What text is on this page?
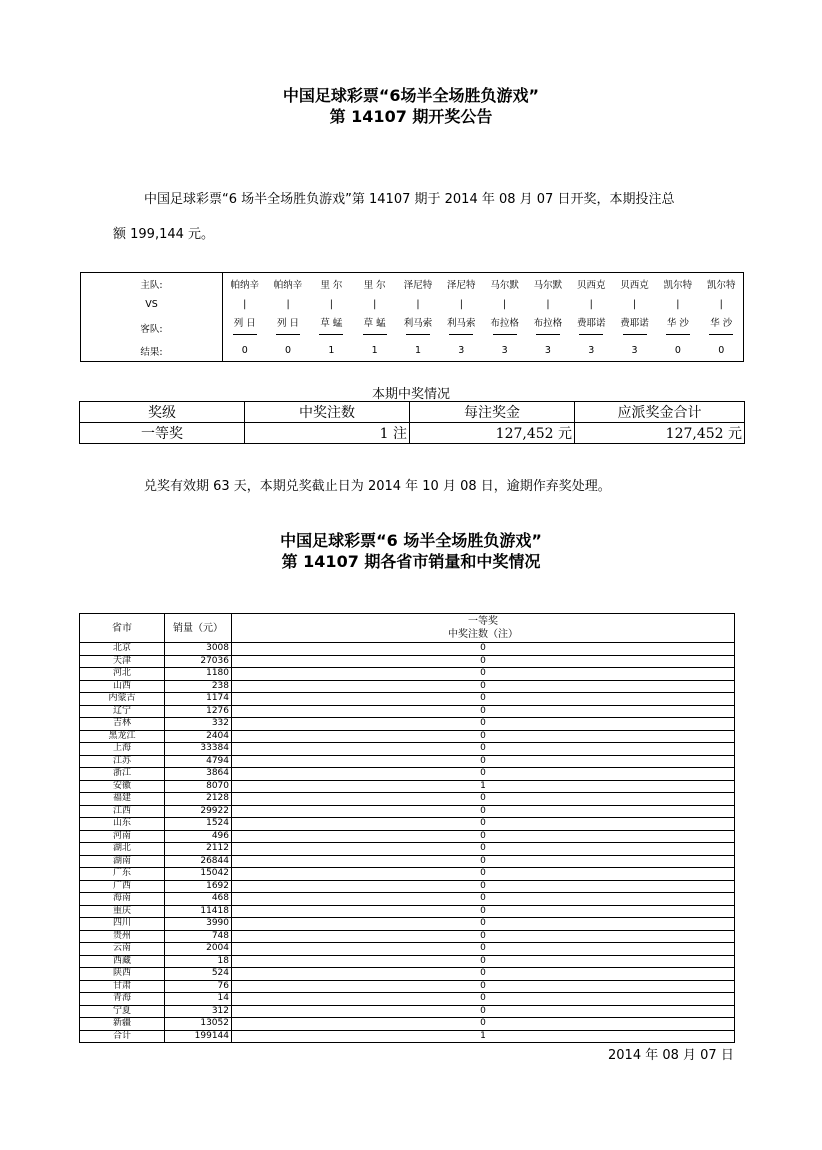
中国足球彩票“6场半全场胜负游戏”
第 14107 期开奖公告
中国足球彩票“6 场半全场胜负游戏”第 14107 期于 2014 年 08 月 07 日开奖，本期投注总
额 199,144 元。
主队:	帕纳辛	帕纳辛	里 尔	里 尔	泽尼特	泽尼特	马尔默	马尔默	贝西克	贝西克	凯尔特	凯尔特
VS	|	|	|	|	|	|	|	|	|	|	|	|
客队:	列 日	列 日	草 蜢	草 蜢	利马索	利马索	布拉格	布拉格	费耶诺	费耶诺	华 沙	华 沙

结果:	0	0	1	1	1	3	3	3	3	3	0	0
本期中奖情况
奖级	中奖注数	每注奖金	应派奖金合计
一等奖	1 注	127,452 元	127,452 元
兑奖有效期 63 天，本期兑奖截止日为 2014 年 10 月 08 日，逾期作弃奖处理。
中国足球彩票“6 场半全场胜负游戏”
第 14107 期各省市销量和中奖情况
省市	销量（元）	一等奖
中奖注数（注）

北京	3008	0
天津	27036	0
河北	1180	0
山西	238	0
内蒙古	1174	0
辽宁	1276	0
吉林	332	0
黑龙江	2404	0
上海	33384	0
江苏	4794	0
浙江	3864	0
安徽	8070	1
福建	2128	0
江西	29922	0
山东	1524	0
河南	496	0
湖北	2112	0
湖南	26844	0
广东	15042	0
广西	1692	0
海南	468	0
重庆	11418	0
四川	3990	0
贵州	748	0
云南	2004	0
西藏	18	0
陕西	524	0
甘肃	76	0
青海	14	0
宁夏	312	0
新疆	13052	0
合计	199144	1
2014 年 08 月 07 日
